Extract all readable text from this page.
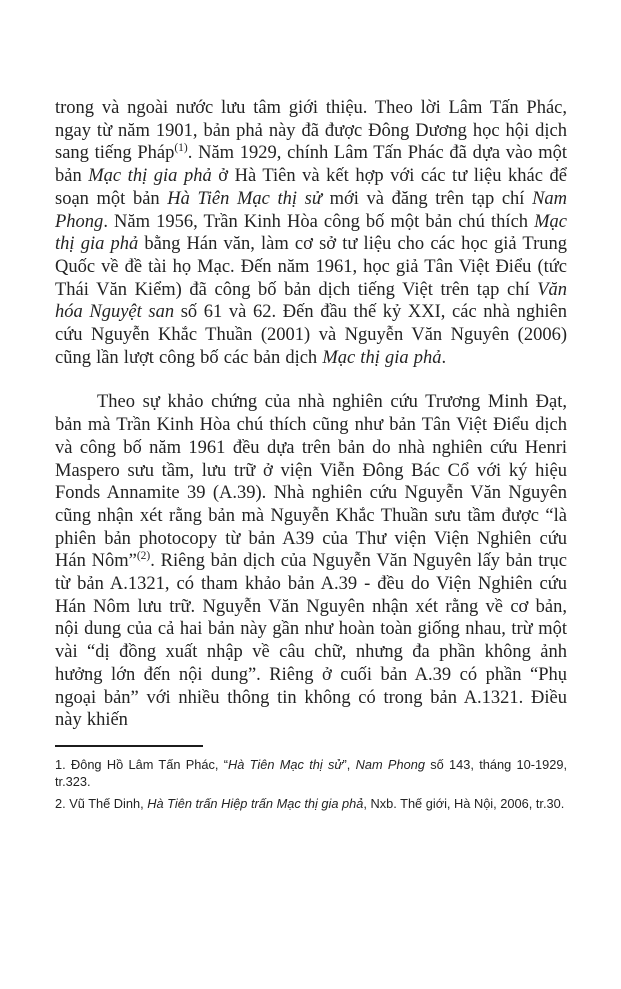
trong và ngoài nước lưu tâm giới thiệu. Theo lời Lâm Tấn Phác, ngay từ năm 1901, bản phả này đã được Đông Dương học hội dịch sang tiếng Pháp$^{(1)}$. Năm 1929, chính Lâm Tấn Phác đã dựa vào một bản Mạc thị gia phả ở Hà Tiên và kết hợp với các tư liệu khác để soạn một bản Hà Tiên Mạc thị sử mới và đăng trên tạp chí Nam Phong. Năm 1956, Trần Kinh Hòa công bố một bản chú thích Mạc thị gia phả bằng Hán văn, làm cơ sở tư liệu cho các học giả Trung Quốc về đề tài họ Mạc. Đến năm 1961, học giả Tân Việt Điểu (tức Thái Văn Kiểm) đã công bố bản dịch tiếng Việt trên tạp chí Văn hóa Nguyệt san số 61 và 62. Đến đầu thế kỷ XXI, các nhà nghiên cứu Nguyễn Khắc Thuần (2001) và Nguyễn Văn Nguyên (2006) cũng lần lượt công bố các bản dịch Mạc thị gia phả.

Theo sự khảo chứng của nhà nghiên cứu Trương Minh Đạt, bản mà Trần Kinh Hòa chú thích cũng như bản Tân Việt Điểu dịch và công bố năm 1961 đều dựa trên bản do nhà nghiên cứu Henri Maspero sưu tầm, lưu trữ ở viện Viễn Đông Bác Cổ với ký hiệu Fonds Annamite 39 (A.39). Nhà nghiên cứu Nguyễn Văn Nguyên cũng nhận xét rằng bản mà Nguyễn Khắc Thuần sưu tầm được “là phiên bản photocopy từ bản A39 của Thư viện Viện Nghiên cứu Hán Nôm”$^{(2)}$. Riêng bản dịch của Nguyễn Văn Nguyên lấy bản trục từ bản A.1321, có tham khảo bản A.39 - đều do Viện Nghiên cứu Hán Nôm lưu trữ. Nguyễn Văn Nguyên nhận xét rằng về cơ bản, nội dung của cả hai bản này gần như hoàn toàn giống nhau, trừ một vài “dị đồng xuất nhập về câu chữ, nhưng đa phần không ảnh hưởng lớn đến nội dung”. Riêng ở cuối bản A.39 có phần “Phụ ngoại bản” với nhiều thông tin không có trong bản A.1321. Điều này khiến

1. Đông Hồ Lâm Tấn Phác, “Hà Tiên Mạc thị sử”, Nam Phong số 143, tháng 10-1929, tr.323.

2. Vũ Thế Dinh, Hà Tiên trấn Hiệp trấn Mạc thị gia phả, Nxb. Thế giới, Hà Nội, 2006, tr.30.
